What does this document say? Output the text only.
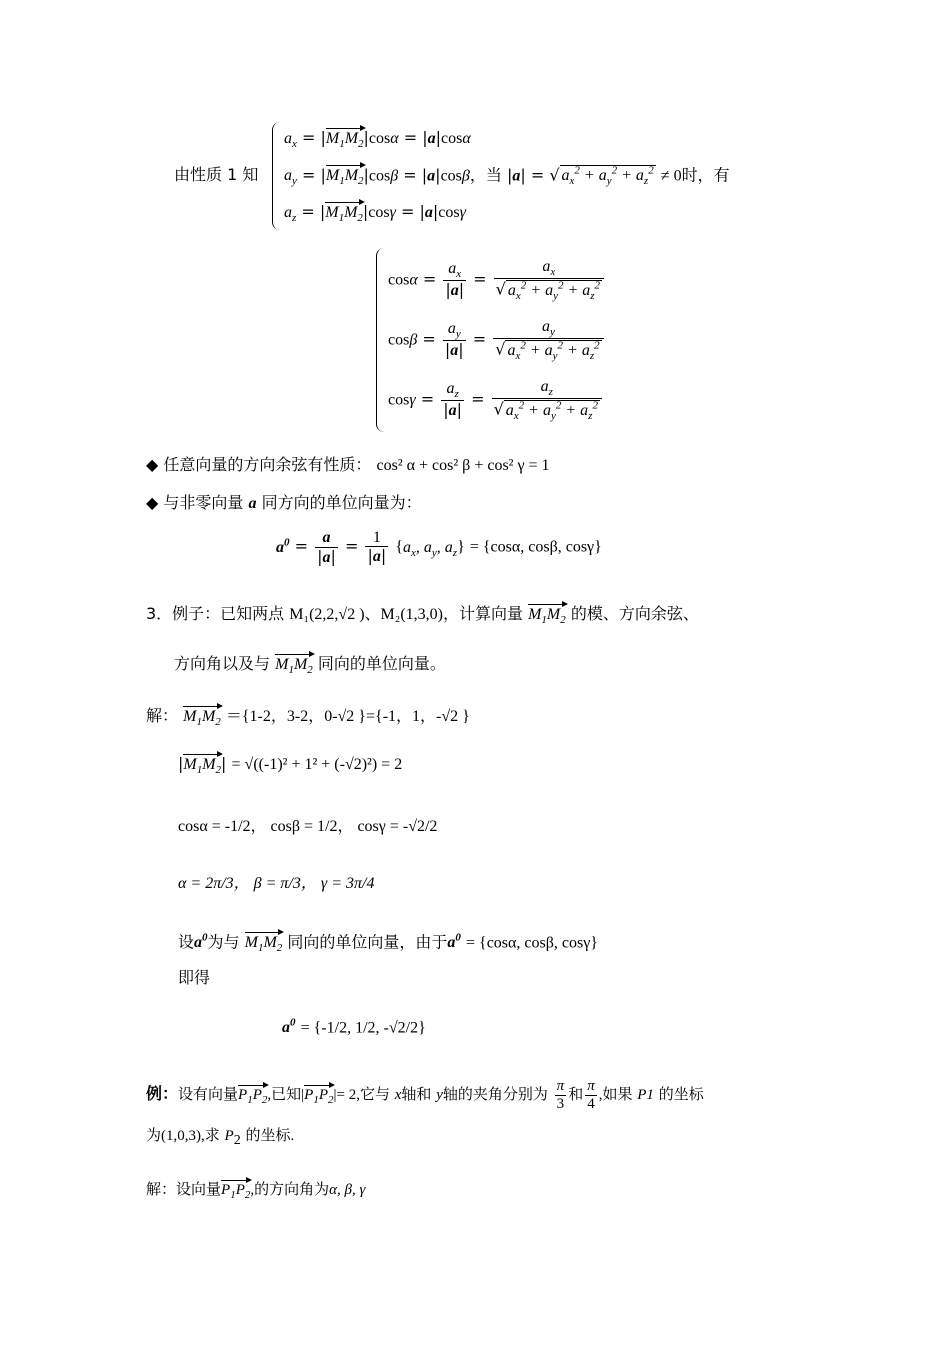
由性质 1 知
$a_x = |M_1M_2|\cos\alpha = |a|\cos\alpha$
$a_y = |M_1M_2|\cos\beta = |a|\cos\beta$，当 |a| = √ $a_x^2 + a_y^2 + a_z^2 \ne 0$时，有
$a_z = |M_1M_2|\cos\gamma = |a|\cos\gamma$
$\cos\alpha = \frac{a_x}{|a|} = \frac{a_x}{√ a_x^2 + a_y^2 + a_z^2}$
$\cos\beta = \frac{a_y}{|a|} = \frac{a_y}{√ a_x^2 + a_y^2 + a_z^2}$
$\cos\gamma = \frac{a_z}{|a|} = \frac{a_z}{√ a_x^2 + a_y^2 + a_z^2}$
◆ 任意向量的方向余弦有性质： cos² α + cos² β + cos² γ = 1
◆ 与非零向量 a 同方向的单位向量为：
$a^0 = \frac{a}{|a|} = \frac{1}{|a|} \{a_x$, $a_y$, $a_z\} = \{\cos\alpha$, cosβ, cosγ}
3．例子：已知两点 M₁(2,2,√2 )、M₂(1,3,0)，计算向量 $M_1M_2$ 的模、方向余弦、
方向角以及与 $M_1M_2$ 同向的单位向量。
解： $M_1M_2 =\{1-2$，3-2，0-√2 }={-1，1，-√2 }
$|M_1M_2| = √((-1)^2 + 1^2 + (-√2)^2) = 2$
cosα = -1/2， cosβ = 1/2， cosγ = -√2/2
α = 2π/3， β = π/3， γ = 3π/4
设$a^0$为与 $M_1M_2$ 同向的单位向量，由于$a^0 = \{\cos\alpha$, cosβ, cosγ}
即得
$a^0 = \{-1/2$, 1/2, -√2/2}
例：设有向量$P_1P_2$,已知$|P_1P_2|= 2$,它与 x轴和 y轴的夹角分别为 $\frac{\pi}{3}$ 和 $\frac{\pi}{4}$ ,如果 P1 的坐标
为(1,0,3),求 $P_2$ 的坐标.
解：设向量$P_1P_2$,的方向角为α, β, γ
